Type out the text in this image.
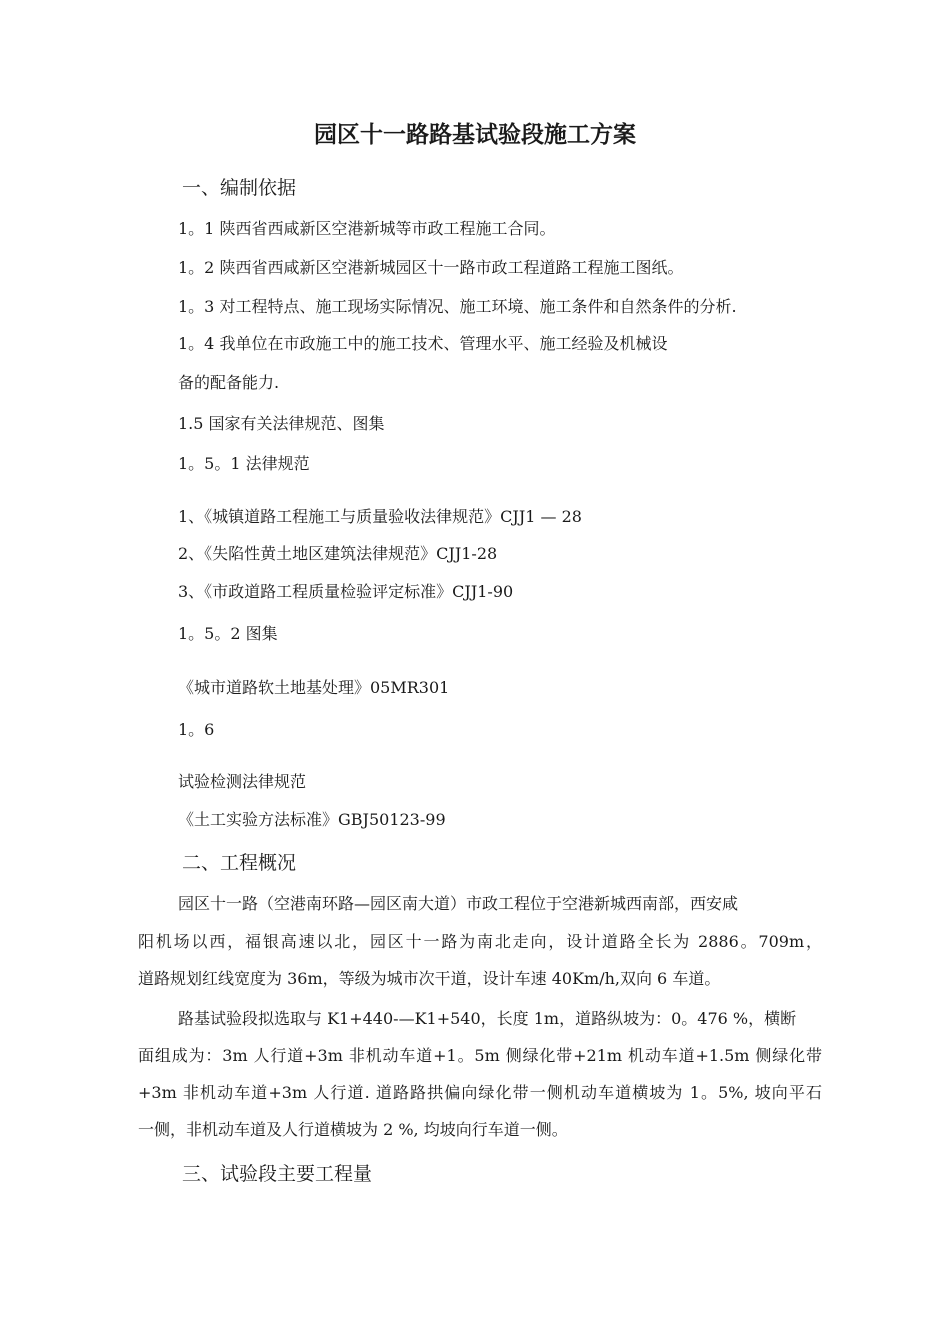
园区十一路路基试验段施工方案

一、编制依据

1。1 陕西省西咸新区空港新城等市政工程施工合同。

1。2 陕西省西咸新区空港新城园区十一路市政工程道路工程施工图纸。

1。3 对工程特点、施工现场实际情况、施工环境、施工条件和自然条件的分析.

1。4 我单位在市政施工中的施工技术、管理水平、施工经验及机械设

备的配备能力.

1.5 国家有关法律规范、图集

1。5。1 法律规范

1、《城镇道路工程施工与质量验收法律规范》CJJ1 — 28

2、《失陷性黄土地区建筑法律规范》CJJ1-28

3、《市政道路工程质量检验评定标准》CJJ1-90

1。5。2 图集

《城市道路软土地基处理》05MR301

1。6

试验检测法律规范

《土工实验方法标准》GBJ50123-99

二、工程概况

园区十一路（空港南环路—园区南大道）市政工程位于空港新城西南部，西安咸

阳机场以西，福银高速以北，园区十一路为南北走向，设计道路全长为 2886。709m，

道路规划红线宽度为 36m，等级为城市次干道，设计车速 40Km/h,双向 6 车道。

路基试验段拟选取与 K1+440-—K1+540，长度 1m，道路纵坡为：0。476 %，横断

面组成为：3m 人行道+3m 非机动车道+1。5m 侧绿化带+21m 机动车道+1.5m 侧绿化带

+3m 非机动车道+3m 人行道. 道路路拱偏向绿化带一侧机动车道横坡为 1。5%, 坡向平石

一侧，非机动车道及人行道横坡为 2 %, 均坡向行车道一侧。

三、试验段主要工程量
